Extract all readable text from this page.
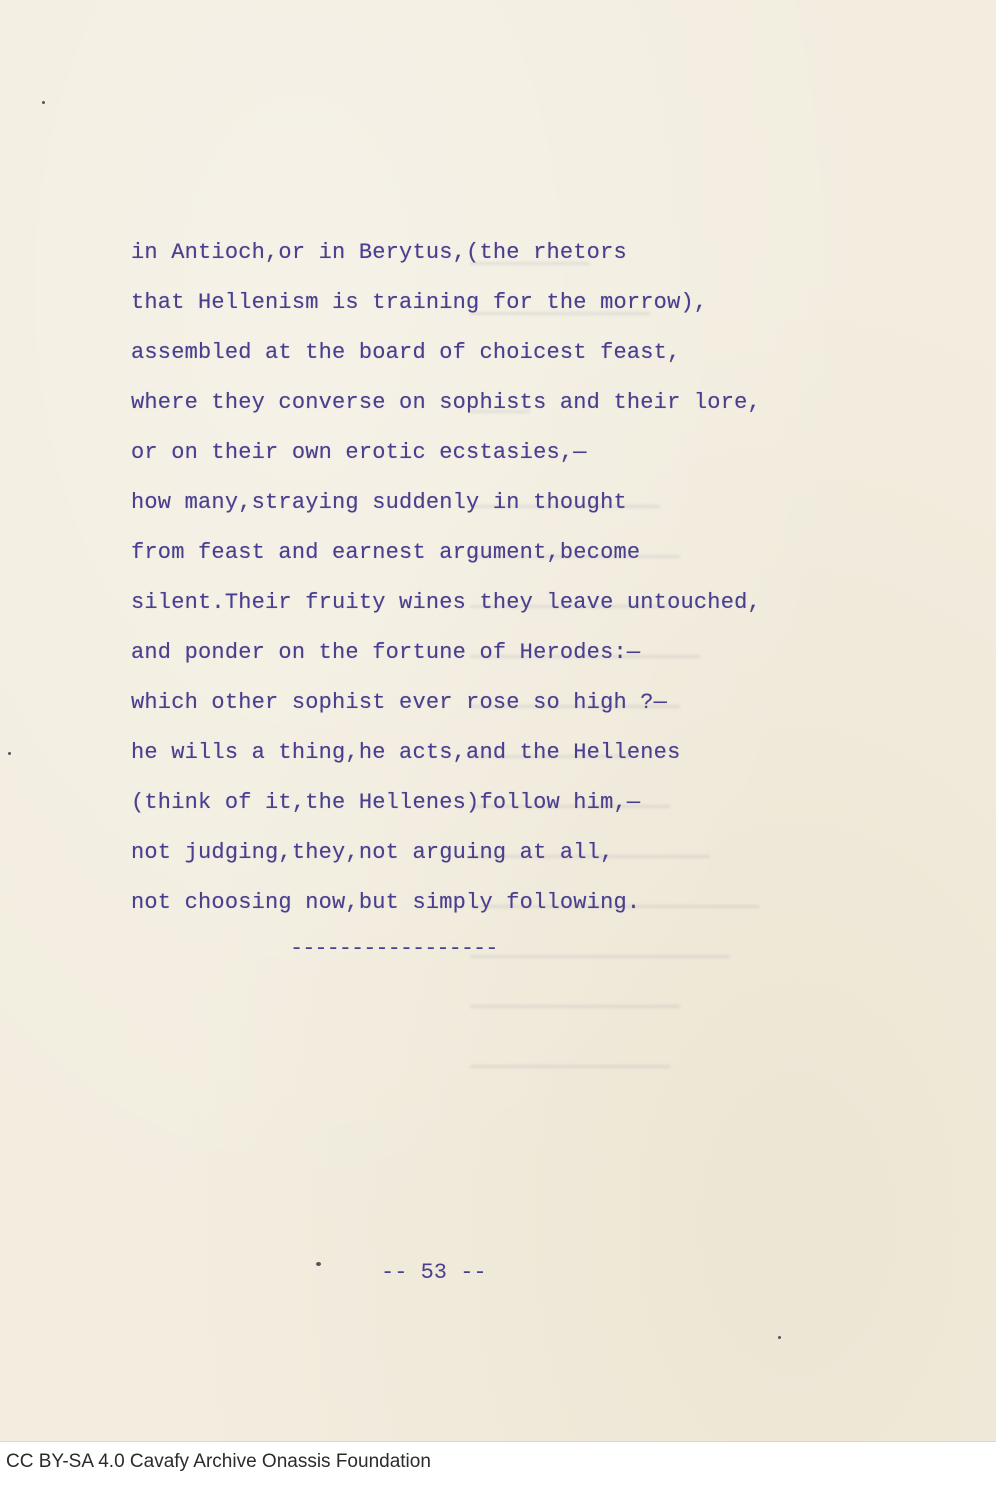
in Antioch,or in Berytus,(the rhetors
that Hellenism is training for the morrow),
assembled at the board of choicest feast,
where they converse on sophists and their lore,
or on their own erotic ecstasies,—
how many,straying suddenly in thought
from feast and earnest argument,become
silent.Their fruity wines they leave untouched,
and ponder on the fortune of Herodes:—
which other sophist ever rose so high ?—
he wills a thing,he acts,and the Hellenes
(think of it,the Hellenes)follow him,—
not judging,they,not arguing at all,
not choosing now,but simply following.
-----------------
-- 53 --
CC BY-SA 4.0 Cavafy Archive Onassis Foundation
